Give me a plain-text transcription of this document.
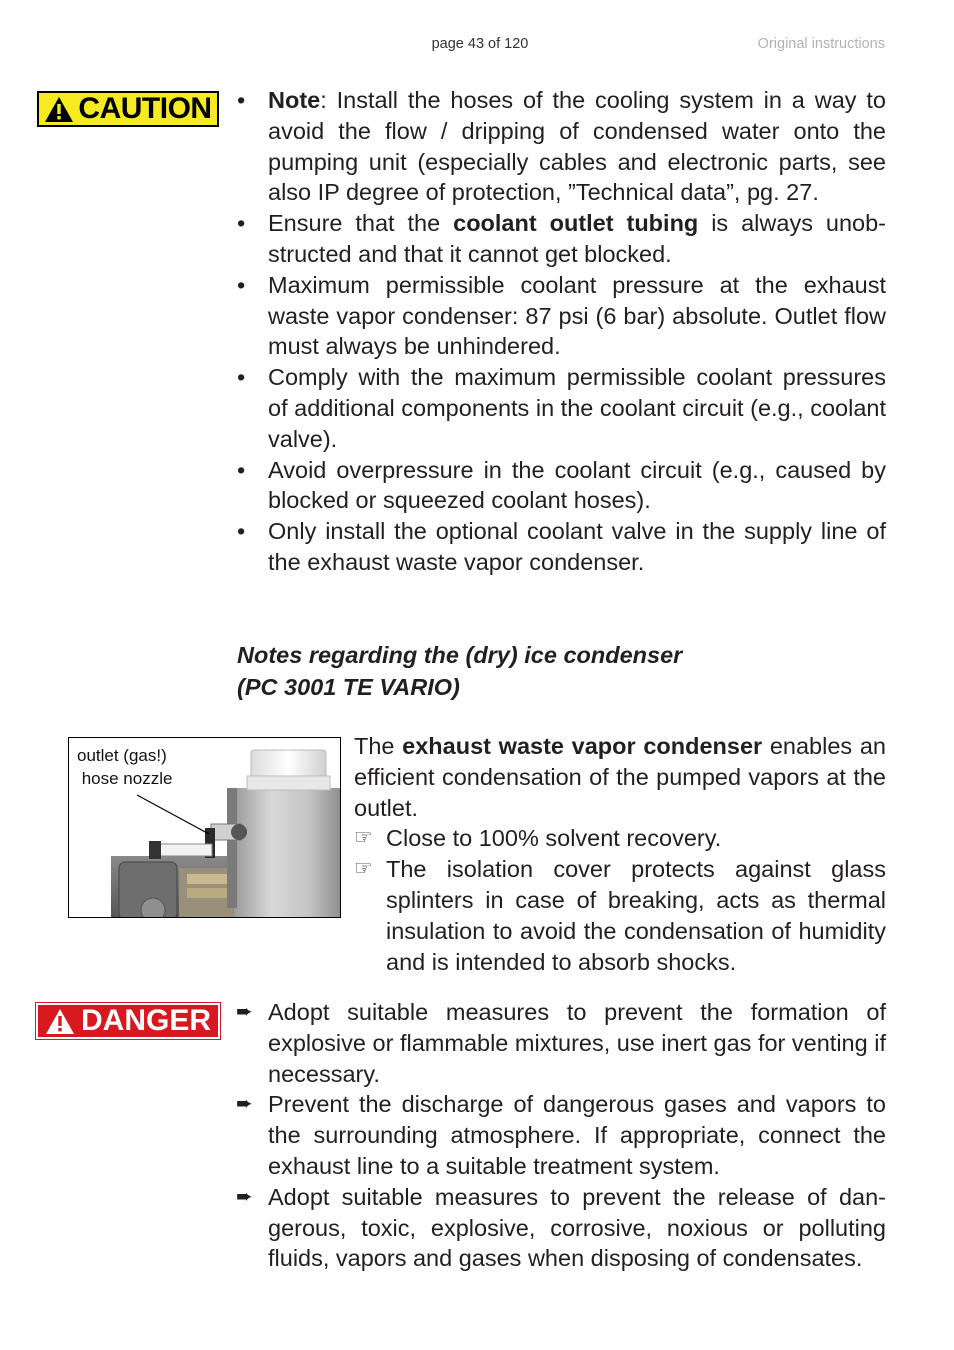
page 43 of 120	Original instructions
CAUTION • Note: Install the hoses of the cooling system in a way to avoid the flow / dripping of condensed water onto the pumping unit (especially cables and electronic parts, see also IP degree of protection, ”Technical data”, pg. 27.
• Ensure that the coolant outlet tubing is always unobstructed and that it cannot get blocked.
• Maximum permissible coolant pressure at the exhaust waste vapor condenser: 87 psi (6 bar) absolute. Outlet flow must always be unhindered.
• Comply with the maximum permissible coolant pressures of additional components in the coolant circuit (e.g., coolant valve).
• Avoid overpressure in the coolant circuit (e.g., caused by blocked or squeezed coolant hoses).
• Only install the optional coolant valve in the supply line of the exhaust waste vapor condenser.
Notes regarding the (dry) ice condenser
(PC 3001 TE VARIO)
outlet (gas!)
hose nozzle
The exhaust waste vapor condenser enables an efficient condensation of the pumped vapors at the outlet.
☞ Close to 100% solvent recovery.
☞ The isolation cover protects against glass splinters in case of breaking, acts as thermal insulation to avoid the condensation of humidity and is intended to absorb shocks.
DANGER ➨ Adopt suitable measures to prevent the formation of explosive or flammable mixtures, use inert gas for venting if necessary.
➨ Prevent the discharge of dangerous gases and vapors to the surrounding atmosphere. If appropriate, connect the exhaust line to a suitable treatment system.
➨ Adopt suitable measures to prevent the release of dangerous, toxic, explosive, corrosive, noxious or polluting fluids, vapors and gases when disposing of condensates.
